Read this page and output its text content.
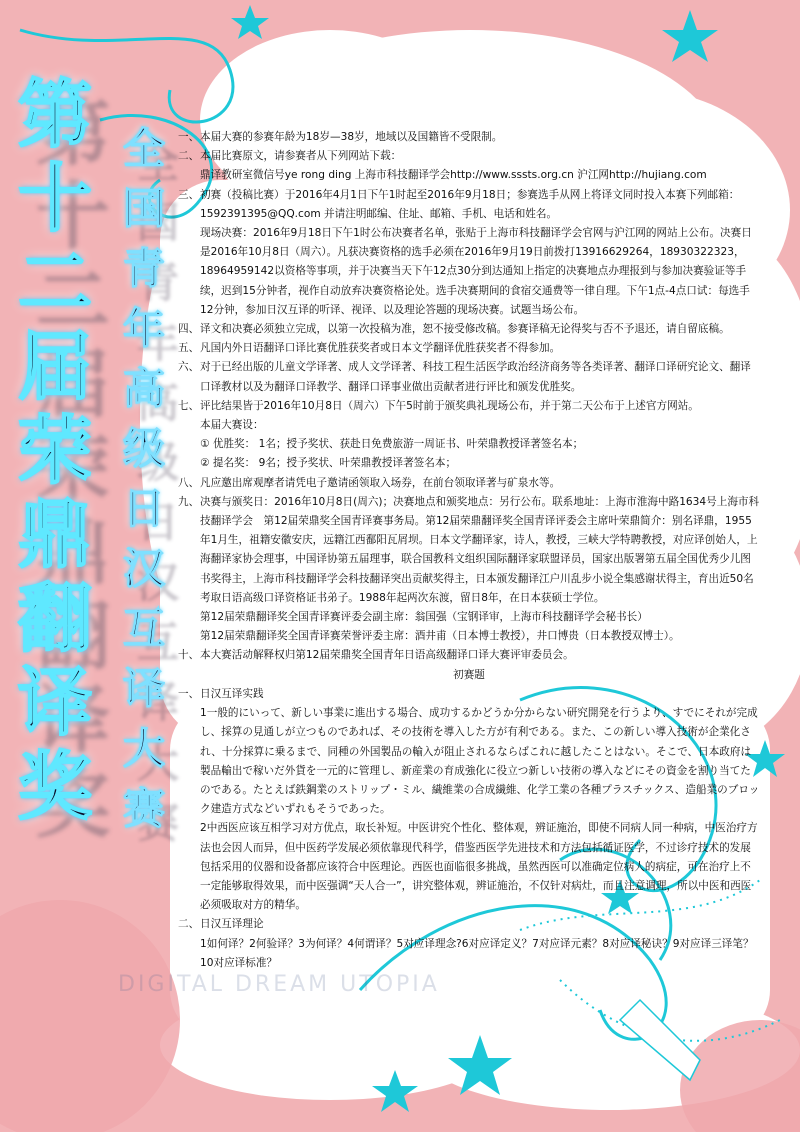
DIGITAL DREAM UTOPIA
第
十
二
届
荣
鼎
翻
译
奖
全
国
青
年
高
级
日
汉
互
译
大
赛
一、 本届大赛的参赛年龄为18岁—38岁，地域以及国籍皆不受限制。
二、 本届比赛原文，请参赛者从下列网站下载：
鼎译教研室微信号ye rong ding 上海市科技翻译学会http://www.sssts.org.cn 沪江网http://hujiang.com
三、 初赛（投稿比赛）于2016年4月1日下午1时起至2016年9月18日；参赛选手从网上将译文同时投入本赛下列邮箱：1592391395@QQ.com 并请注明邮编、住址、邮箱、手机、电话和姓名。
现场决赛：2016年9月18日下午1时公布决赛者名单，张贴于上海市科技翻译学会官网与沪江网的网站上公布。决赛日是2016年10月8日（周六）。凡获决赛资格的选手必须在2016年9月19日前拨打13916629264，18930322323，18964959142以资格等事项，并于决赛当天下午12点30分到达通知上指定的决赛地点办理报到与参加决赛验证等手续，迟到15分钟者，视作自动放弃决赛资格论处。选手决赛期间的食宿交通费等一律自理。下午1点-4点口试：每选手12分钟，参加日汉互译的听译、视译、以及理论答题的现场决赛。试题当场公布。
四、 译文和决赛必须独立完成，以第一次投稿为准，恕不接受修改稿。参赛译稿无论得奖与否不予退还，请自留底稿。
五、 凡国内外日语翻译口译比赛优胜获奖者或日本文学翻译优胜获奖者不得参加。
六、 对于已经出版的儿童文学译著、成人文学译著、科技工程生活医学政治经济商务等各类译著、翻译口译研究论文、翻译口译教材以及为翻译口译教学、翻译口译事业做出贡献者进行评比和颁发优胜奖。
七、 评比结果皆于2016年10月8日（周六）下午5时前于颁奖典礼现场公布，并于第二天公布于上述官方网站。
本届大赛设：
① 优胜奖： 1名；授予奖状、获赴日免费旅游一周证书、叶荣鼎教授译著签名本；
② 提名奖： 9名；授予奖状、叶荣鼎教授译著签名本；
八、 凡应邀出席观摩者请凭电子邀请函领取入场券，在前台领取译著与矿泉水等。
九、 决赛与颁奖日：2016年10月8日(周六)；决赛地点和颁奖地点：另行公布。联系地址：上海市淮海中路1634号上海市科技翻译学会　第12届荣鼎奖全国青译赛事务局。第12届荣鼎翻译奖全国青译评委会主席叶荣鼎简介：别名译鼎，1955年1月生，祖籍安徽安庆，远籍江西鄱阳瓦屑坝。日本文学翻译家，诗人，教授，三峡大学特聘教授，对应译创始人，上海翻译家协会理事，中国译协第五届理事，联合国教科文组织国际翻译家联盟译员，国家出版署第五届全国优秀少儿图书奖得主，上海市科技翻译学会科技翻译突出贡献奖得主，日本颁发翻译江户川乱步小说全集感谢状得主，育出近50名考取日语高级口译资格证书弟子。1988年起两次东渡，留日8年，在日本获硕士学位。
第12届荣鼎翻译奖全国青译赛评委会副主席：翁国强（宝钢译审，上海市科技翻译学会秘书长）
第12届荣鼎翻译奖全国青译赛荣誉评委主席：酒井甫（日本博士教授），井口博贵（日本教授双博士）。
十、 本大赛活动解释权归第12届荣鼎奖全国青年日语高级翻译口译大赛评审委员会。
初赛题
一、 日汉互译实践
1一般的にいって、新しい事業に進出する場合、成功するかどうか分からない研究開発を行うより、すでにそれが完成し、採算の見通しが立つものであれば、その技術を導入した方が有利である。また、この新しい導入技術が企業化され、十分採算に乗るまで、同種の外国製品の輸入が阻止されるならばこれに越したことはない。そこで、日本政府は製品輸出で稼いだ外貨を一元的に管理し、新産業の育成強化に役立つ新しい技術の導入などにその資金を割り当てたのである。たとえば鉄鋼業のストリップ・ミル、繊維業の合成繊維、化学工業の各種プラスチックス、造船業のブロック建造方式などいずれもそうであった。
2中西医应该互相学习对方优点，取长补短。中医讲究个性化、整体观，辨证施治，即使不同病人同一种病，中医治疗方法也会因人而异，但中医药学发展必须依靠现代科学，借鉴西医学先进技术和方法包括循证医学，不过诊疗技术的发展包括采用的仪器和设备都应该符合中医理论。西医也面临很多挑战，虽然西医可以准确定位病人的病症，可在治疗上不一定能够取得效果，而中医强调“天人合一”，讲究整体观，辨证施治，不仅针对病灶，而且注意调理，所以中医和西医必须吸取对方的精华。
二、 日汉互译理论
1如何译？2何验译？3为何译？4何谓译？5对应译理念?6对应译定义？7对应译元素？8对应译秘诀？9对应译三译笔？10对应译标准？
